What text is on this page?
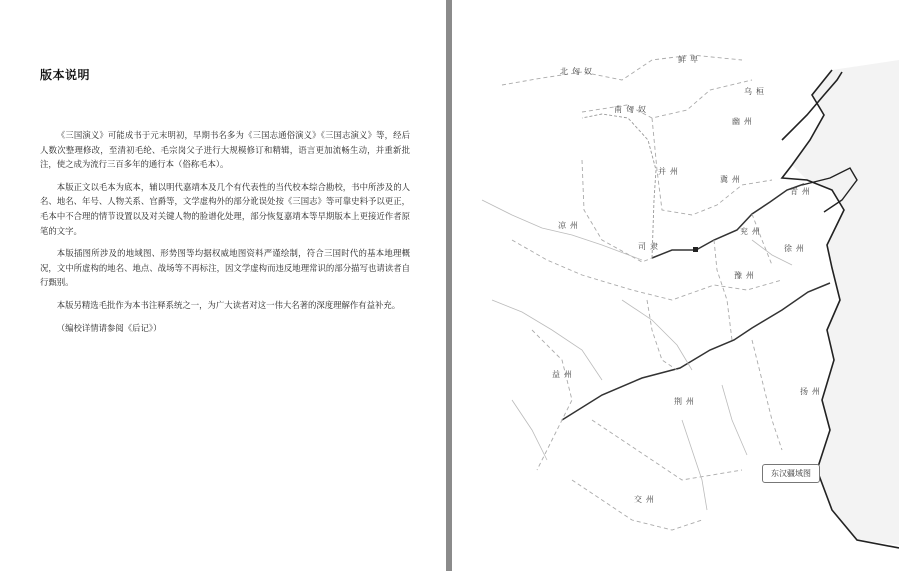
版本说明

《三国演义》可能成书于元末明初，早期书名多为《三国志通俗演义》《三国志演义》等，经后人数次整理修改，至清初毛纶、毛宗岗父子进行大规模修订和精辑，语言更加流畅生动，并重新批注，使之成为流行三百多年的通行本（俗称毛本）。

本版正文以毛本为底本，辅以明代嘉靖本及几个有代表性的当代校本综合勘校，书中所涉及的人名、地名、年号、人物关系、官爵等，文学虚构外的部分讹误处按《三国志》等可靠史料予以更正，毛本中不合理的情节设置以及对关键人物的脸谱化处理，部分恢复嘉靖本等早期版本上更接近作者原笔的文字。

本版插图所涉及的地域图、形势图等均据权威地图资料严谨绘制，符合三国时代的基本地理概况，文中所虚构的地名、地点、战场等不再标注，因文学虚构而违反地理常识的部分描写也请读者自行甄别。

本版另精选毛批作为本书注释系统之一，为广大读者对这一伟大名著的深度理解作有益补充。

（编校详情请参阅《后记》）

鲜卑
北匈奴
南匈奴
乌桓
幽州
并州
冀州
青州
凉州
司隶
兖州
徐州
豫州
益州
荆州
扬州
交州
东汉疆域图
